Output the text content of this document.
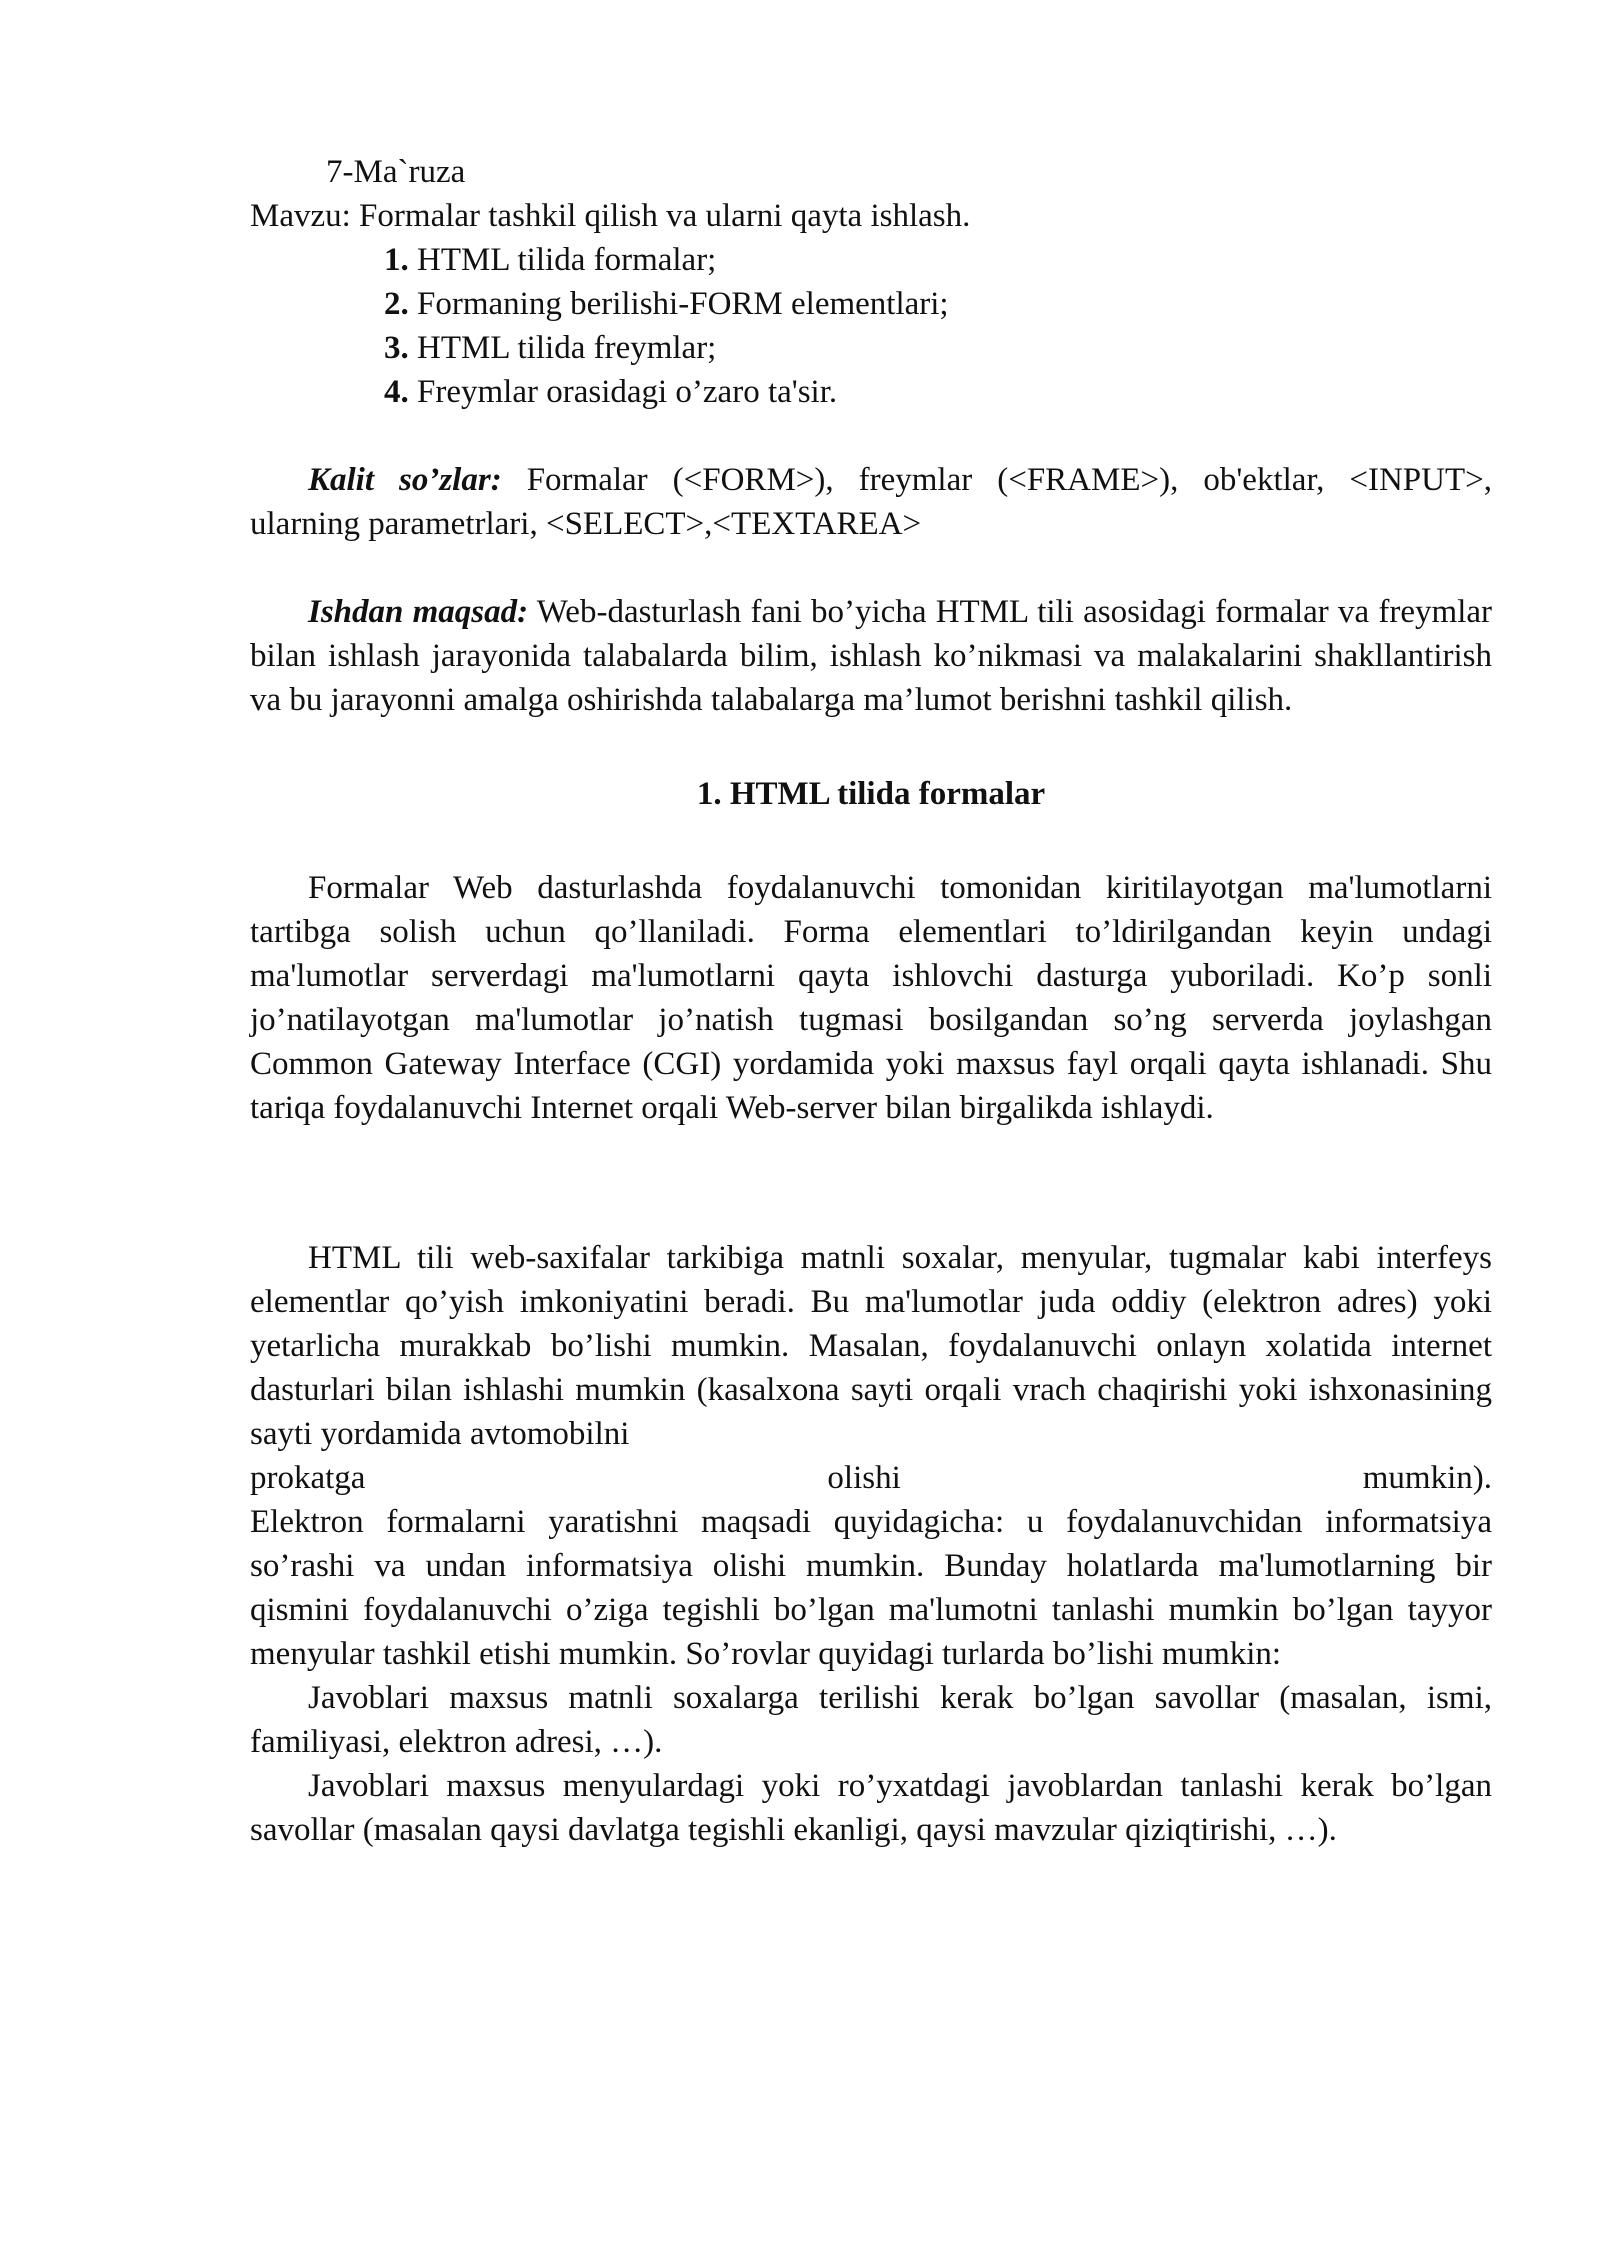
7-Ma`ruza

Mavzu: Formalar tashkil qilish va ularni qayta ishlash.

1. HTML tilida formalar;
2. Formaning berilishi-FORM elementlari;
3. HTML tilida freymlar;
4. Freymlar orasidagi o’zaro ta'sir.

Kalit so’zlar: Formalar (<FORM>), freymlar (<FRAME>), ob'ektlar, <INPUT>, ularning parametrlari, <SELECT>,<TEXTAREA>

Ishdan maqsad: Web-dasturlash fani bo’yicha HTML tili asosidagi formalar va freymlar bilan ishlash jarayonida talabalarda bilim, ishlash ko’nikmasi va malakalarini shakllantirish va bu jarayonni amalga oshirishda talabalarga ma’lumot berishni tashkil qilish.

1. HTML tilida formalar

Formalar Web dasturlashda foydalanuvchi tomonidan kiritilayotgan ma'lumotlarni tartibga solish uchun qo’llaniladi. Forma elementlari to’ldirilgandan keyin undagi ma'lumotlar serverdagi ma'lumotlarni qayta ishlovchi dasturga yuboriladi. Ko’p sonli jo’natilayotgan ma'lumotlar jo’natish tugmasi bosilgandan so’ng serverda joylashgan Common Gateway Interface (CGI) yordamida yoki maxsus fayl orqali qayta ishlanadi. Shu tariqa foydalanuvchi Internet orqali Web-server bilan birgalikda ishlaydi.

HTML tili web-saxifalar tarkibiga matnli soxalar, menyular, tugmalar kabi interfeys elementlar qo’yish imkoniyatini beradi. Bu ma'lumotlar juda oddiy (elektron adres) yoki yetarlicha murakkab bo’lishi mumkin. Masalan, foydalanuvchi onlayn xolatida internet dasturlari bilan ishlashi mumkin (kasalxona sayti orqali vrach chaqirishi yoki ishxonasining sayti yordamida avtomobilni

prokatga	olishi	mumkin).

Elektron formalarni yaratishni maqsadi quyidagicha: u foydalanuvchidan informatsiya so’rashi va undan informatsiya olishi mumkin. Bunday holatlarda ma'lumotlarning bir qismini foydalanuvchi o’ziga tegishli bo’lgan ma'lumotni tanlashi mumkin bo’lgan tayyor menyular tashkil etishi mumkin. So’rovlar quyidagi turlarda bo’lishi mumkin:

Javoblari maxsus matnli soxalarga terilishi kerak bo’lgan savollar (masalan, ismi, familiyasi, elektron adresi, …).

Javoblari maxsus menyulardagi yoki ro’yxatdagi javoblardan tanlashi kerak bo’lgan savollar (masalan qaysi davlatga tegishli ekanligi, qaysi mavzular qiziqtirishi, …).
